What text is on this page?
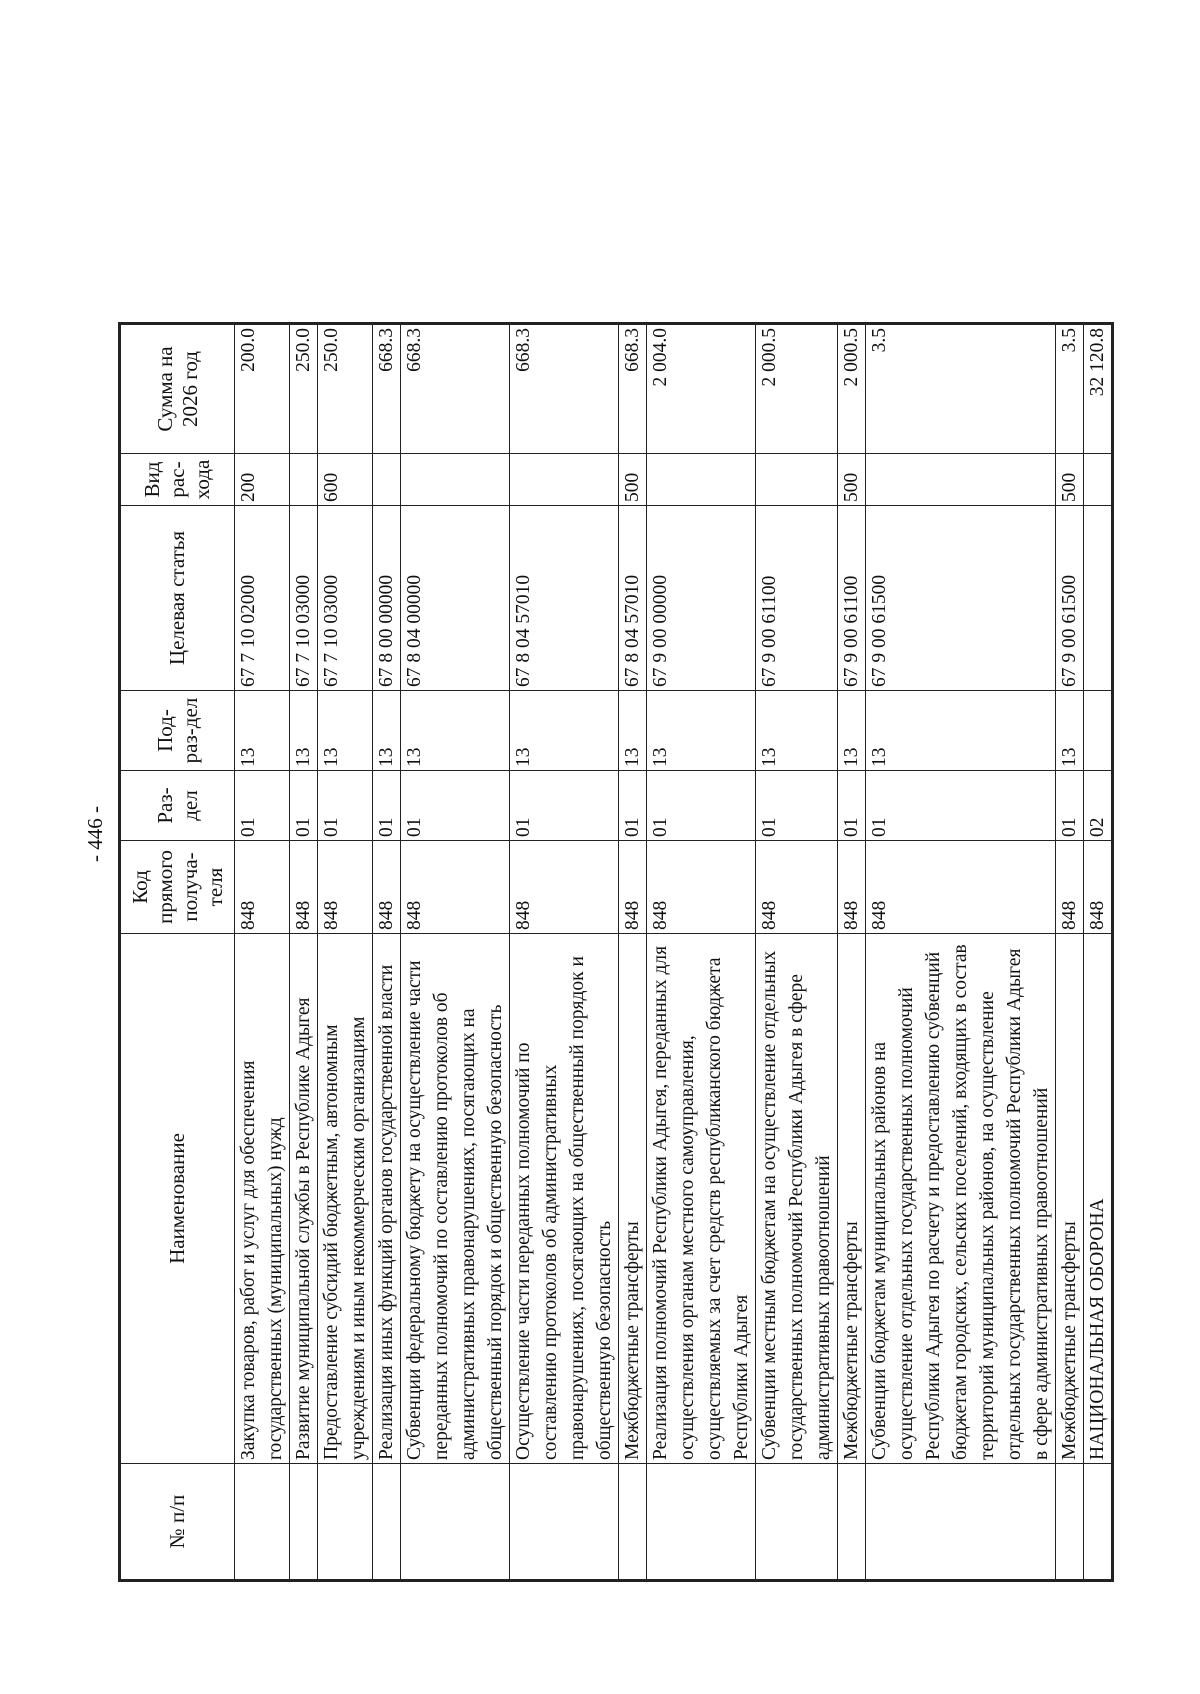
- 446 -
№ п/п	Наименование	Код прямого получа-теля	Раз-дел	Под-раз-дел	Целевая статья	Вид рас-хода	Сумма на 2026 год
	Закупка товаров, работ и услуг для обеспечения государственных (муниципальных) нужд	848	01	13	67 7 10 02000	200	200.0
	Развитие муниципальной службы в Республике Адыгея	848	01	13	67 7 10 03000		250.0
	Предоставление субсидий бюджетным, автономным учреждениям и иным некоммерческим организациям	848	01	13	67 7 10 03000	600	250.0
	Реализация иных функций органов государственной власти	848	01	13	67 8 00 00000		668.3
	Субвенции федеральному бюджету на осуществление части переданных полномочий по составлению протоколов об административных правонарушениях, посягающих на общественный порядок и общественную безопасность	848	01	13	67 8 04 00000		668.3
	Осуществление части переданных полномочий по составлению протоколов об административных правонарушениях, посягающих на общественный порядок и общественную безопасность	848	01	13	67 8 04 57010		668.3
	Межбюджетные трансферты	848	01	13	67 8 04 57010	500	668.3
	Реализация полномочий Республики Адыгея, переданных для осуществления органам местного самоуправления, осуществляемых за счет средств республиканского бюджета Республики Адыгея	848	01	13	67 9 00 00000		2 004.0
	Субвенции местным бюджетам на осуществление отдельных государственных полномочий Республики Адыгея в сфере административных правоотношений	848	01	13	67 9 00 61100		2 000.5
	Межбюджетные трансферты	848	01	13	67 9 00 61100	500	2 000.5
	Субвенции бюджетам муниципальных районов на осуществление отдельных государственных полномочий Республики Адыгея по расчету и предоставлению субвенций бюджетам городских, сельских поселений, входящих в состав территорий муниципальных районов, на осуществление отдельных государственных полномочий Республики Адыгея в сфере административных правоотношений	848	01	13	67 9 00 61500		3.5
	Межбюджетные трансферты	848	01	13	67 9 00 61500	500	3.5
	НАЦИОНАЛЬНАЯ ОБОРОНА	848	02				32 120.8
